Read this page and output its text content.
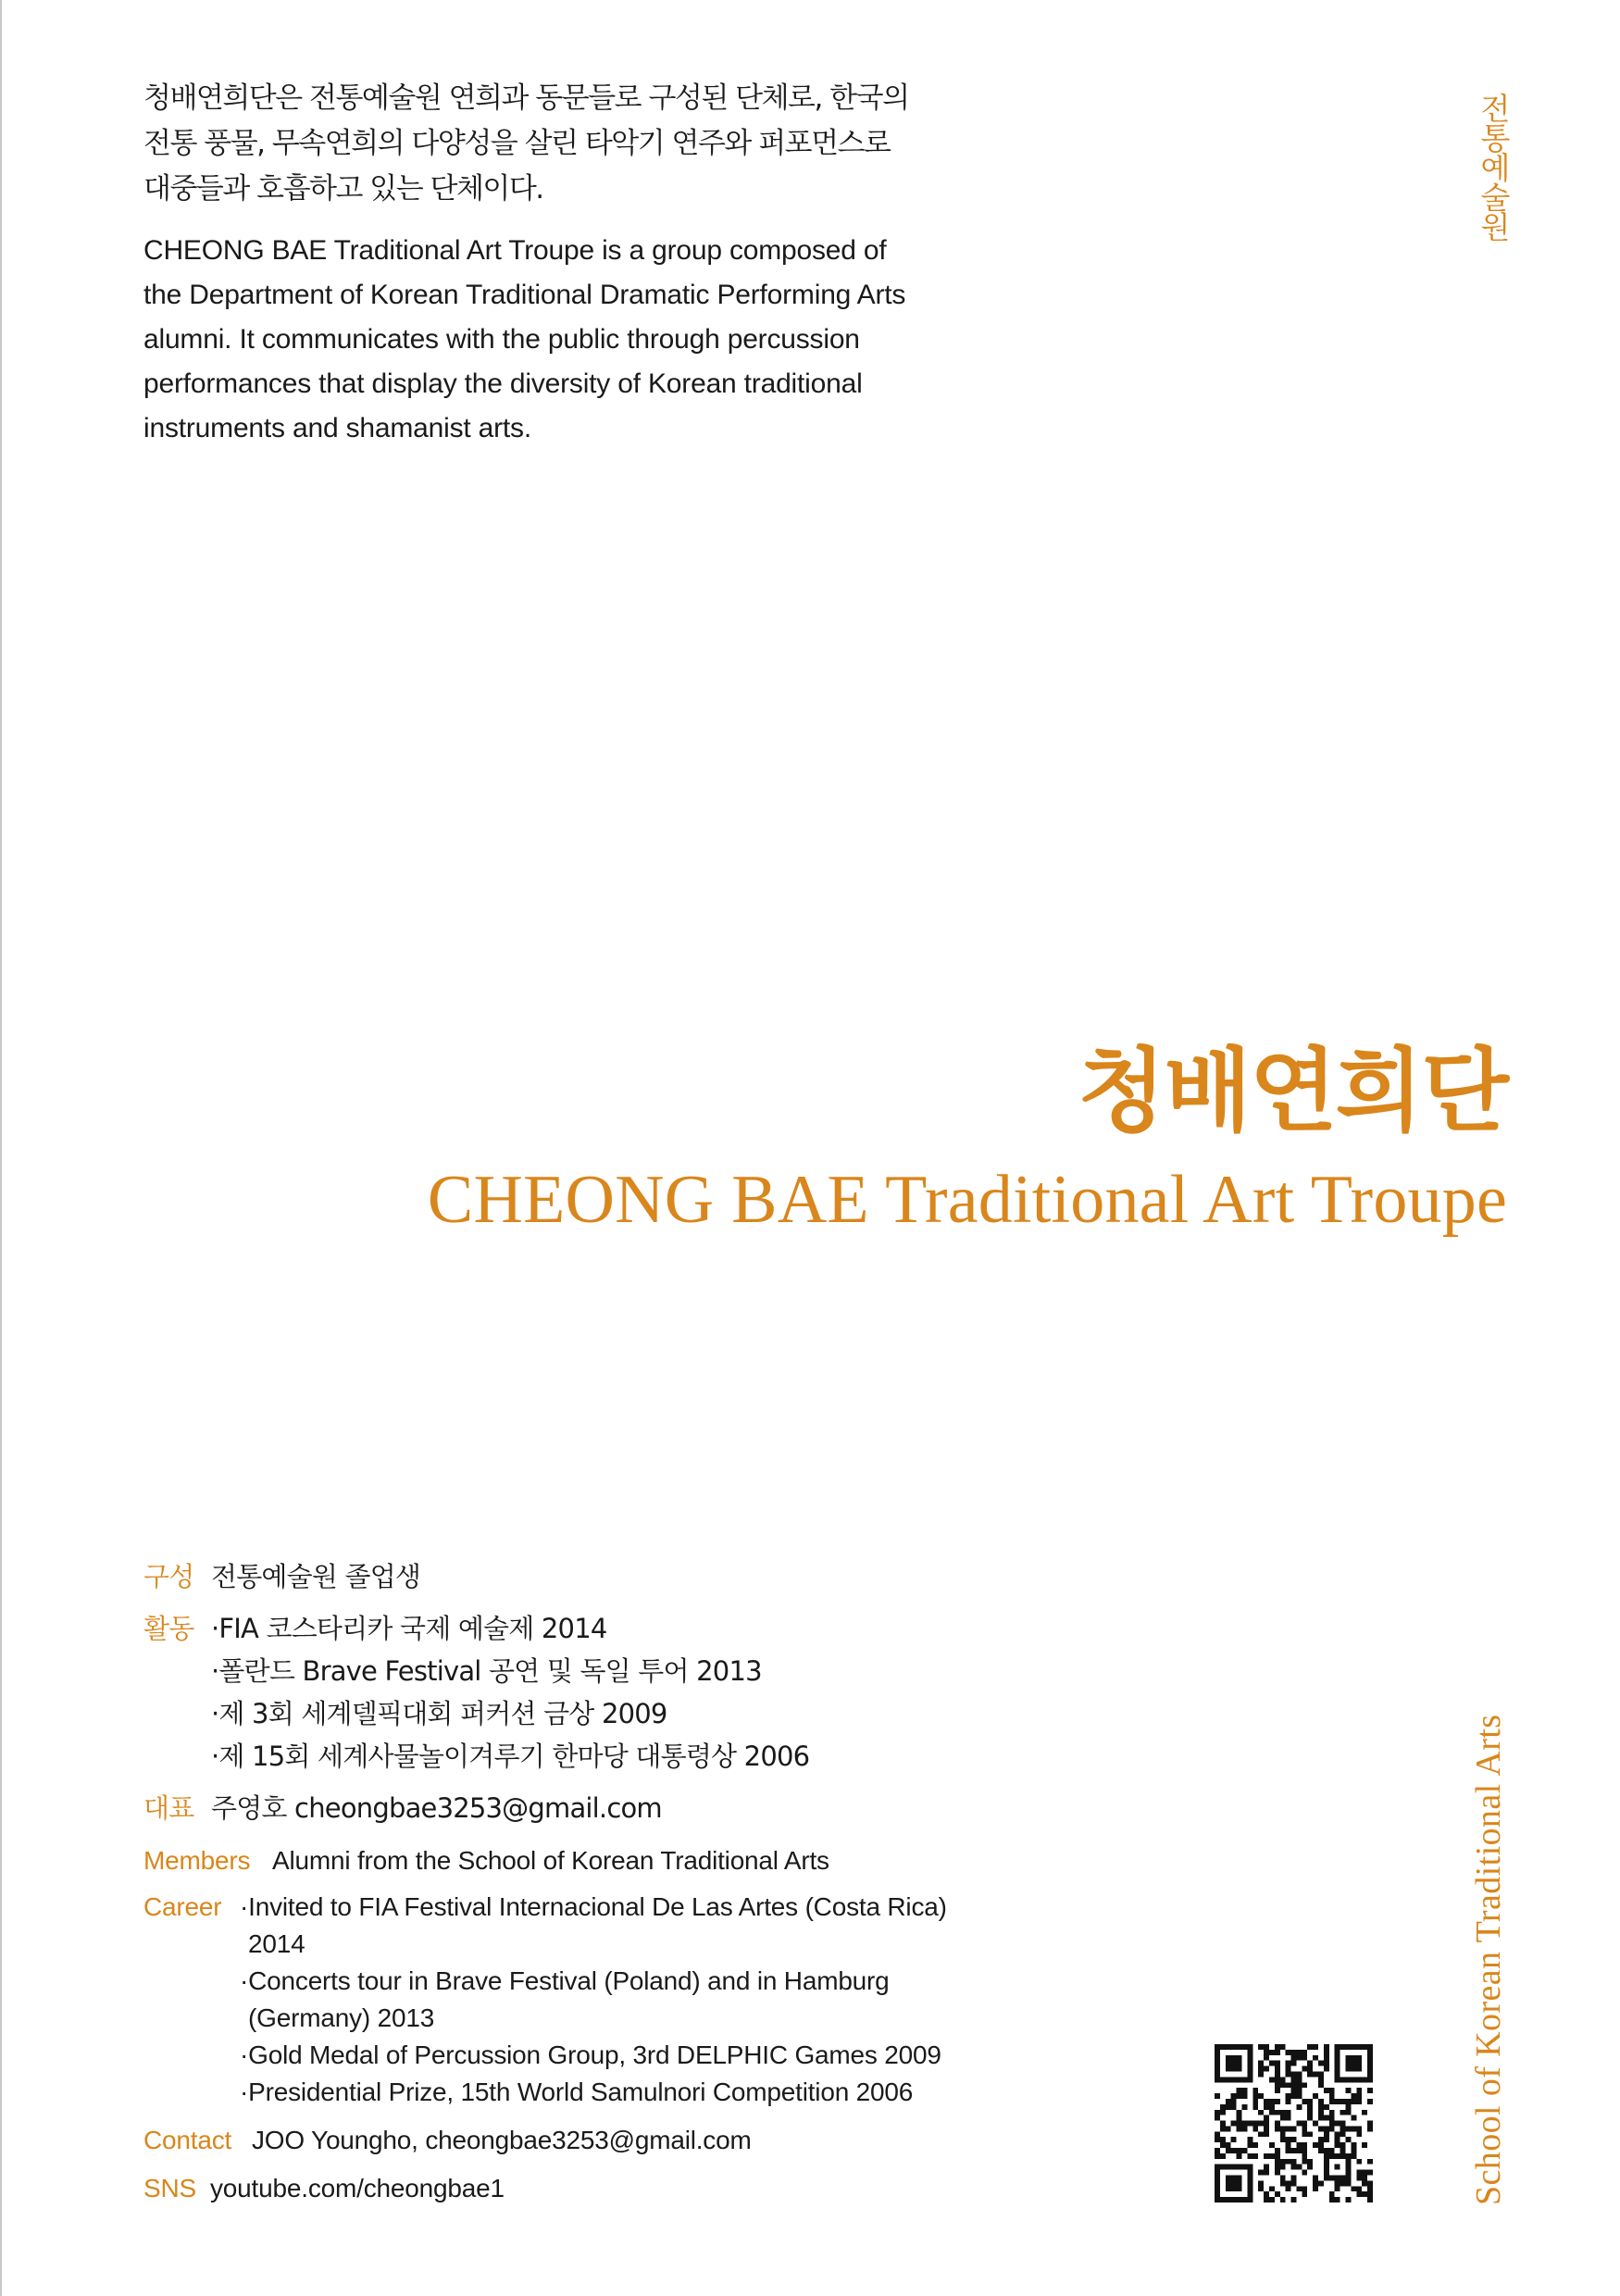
청배연희단은 전통예술원 연희과 동문들로 구성된 단체로, 한국의
전통 풍물, 무속연희의 다양성을 살린 타악기 연주와 퍼포먼스로
대중들과 호흡하고 있는 단체이다.
CHEONG BAE Traditional Art Troupe is a group composed of
the Department of Korean Traditional Dramatic Performing Arts
alumni. It communicates with the public through percussion
performances that display the diversity of Korean traditional
instruments and shamanist arts.
전통예술원
청배연희단
CHEONG BAE Traditional Art Troupe
구성 전통예술원 졸업생
활동 ·FIA 코스타리카 국제 예술제 2014
·폴란드 Brave Festival 공연 및 독일 투어 2013
·제 3회 세계델픽대회 퍼커션 금상 2009
·제 15회 세계사물놀이겨루기 한마당 대통령상 2006
대표 주영호 cheongbae3253@gmail.com
Members Alumni from the School of Korean Traditional Arts
Career ·Invited to FIA Festival Internacional De Las Artes (Costa Rica)
2014
·Concerts tour in Brave Festival (Poland) and in Hamburg
(Germany) 2013
·Gold Medal of Percussion Group, 3rd DELPHIC Games 2009
·Presidential Prize, 15th World Samulnori Competition 2006
Contact JOO Youngho, cheongbae3253@gmail.com
SNS youtube.com/cheongbae1	School of Korean Traditional Arts
